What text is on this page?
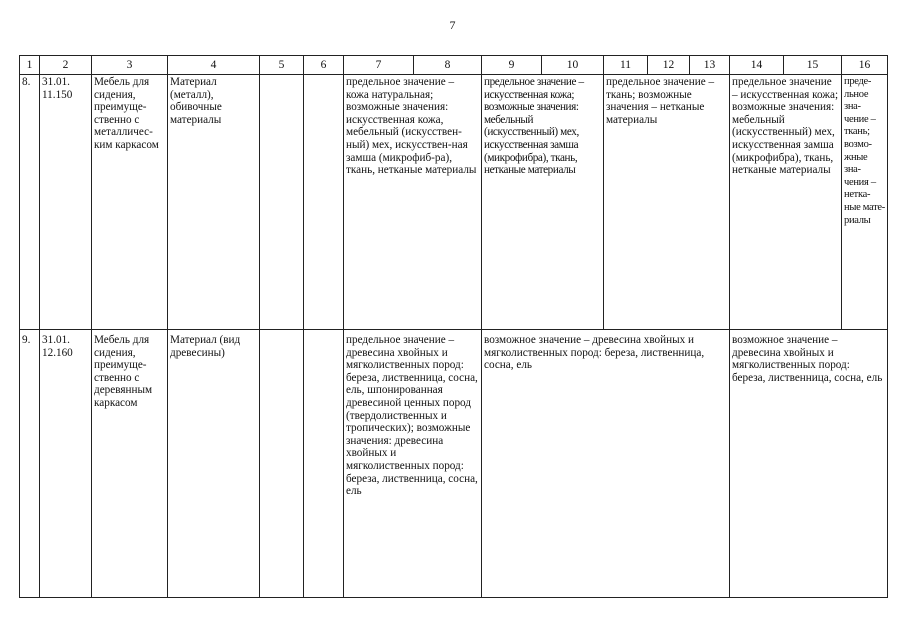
7
1	2	3	4	5	6	7	8	9	10	11	12	13	14	15	16
8.	31.01. 11.150	Мебель для сидения, преимуще-ственно с металличес-ким каркасом	Материал (металл), обивочные материалы			предельное значение – кожа натуральная; возможные значения: искусственная кожа, мебельный (искусствен-ный) мех, искусствен-ная замша (микрофиб-ра), ткань, нетканые материалы		предельное значение – искусственная кожа; возможные значения: мебельный (искусственный) мех, искусственная замша (микрофибра), ткань, нетканые материалы		предельное значение – ткань; возможные значения – нетканые материалы			предельное значение – искусственная кожа; возможные значения: мебельный (искусственный) мех, искусственная замша (микрофибра), ткань, нетканые материалы		преде-льное зна-чение – ткань; возмо-жные зна-чения – нетка-ные мате-риалы
9.	31.01. 12.160	Мебель для сидения, преимуще-ственно с деревянным каркасом	Материал (вид древесины)			предельное значение – древесина хвойных и мягколиственных пород: береза, лиственница, сосна, ель, шпонированная древесиной ценных пород (твердолиственных и тропических); возможные значения: древесина хвойных и мягколиственных пород: береза, лиственница, сосна, ель		возможное значение – древесина хвойных и мягколиственных пород: береза, лиственница, сосна, ель					возможное значение – древесина хвойных и мягколиственных пород: береза, лиственница, сосна, ель		
